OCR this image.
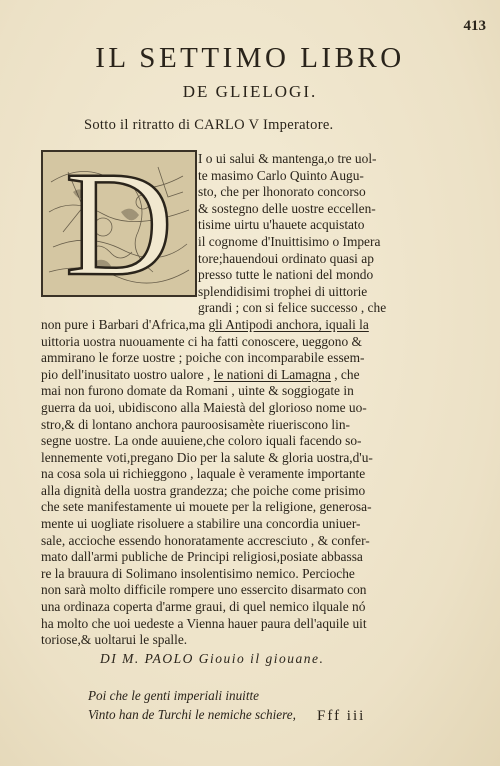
413
IL SETTIMO LIBRO
DE GLIELOGI.
Sotto il ritratto di CARLO V Imperatore.
D	I o ui salui & mantenga,o tre uol-
te masimo Carlo Quinto Augu-
sto, che per lhonorato concorso
& sostegno delle uostre eccellen-
tisime uirtu u'hauete acquistato
il cognome d'Inuittisimo o Impera
tore;hauendoui ordinato quasi ap
presso tutte le nationi del mondo
splendidisimi trophei di uittorie
grandi ; con si felice successo , che
non pure i Barbari d'Africa,ma gli Antipodi anchora, iquali la
uittoria uostra nuouamente ci ha fatti conoscere, ueggono &
ammirano le forze uostre ; poiche con incomparabile essem-
pio dell'inusitato uostro ualore , le nationi di Lamagna , che
mai non furono domate da Romani , uinte & soggiogate in
guerra da uoi, ubidiscono alla Maiestà del glorioso nome uo-
stro,& di lontano anchora pauroosisamète riueriscono lin-
segne uostre. La onde auuiene,che coloro iquali facendo so-
lennemente voti,pregano Dio per la salute & gloria uostra,d'u-
na cosa sola ui richieggono , laquale è veramente importante
alla dignità della uostra grandezza; che poiche come prisimo
che sete manifestamente ui mouete per la religione, generosa-
mente ui uogliate risoluere a stabilire una concordia uniuer-
sale, accioche essendo honoratamente accresciuto , & confer-
mato dall'armi publiche de Principi religiosi,posiate abbassa
re la brauura di Solimano insolentisimo nemico. Percioche
non sarà molto difficile rompere uno essercito disarmato con
una ordinaza coperta d'arme graui, di quel nemico ilquale nó
ha molto che uoi uedeste a Vienna hauer paura dell'aquile uit
toriose,& uoltarui le spalle.
DI M. PAOLO Giouio il giouane.
Poi che le genti imperiali inuitte
Vinto han de Turchi le nemiche schiere, Fff iii
